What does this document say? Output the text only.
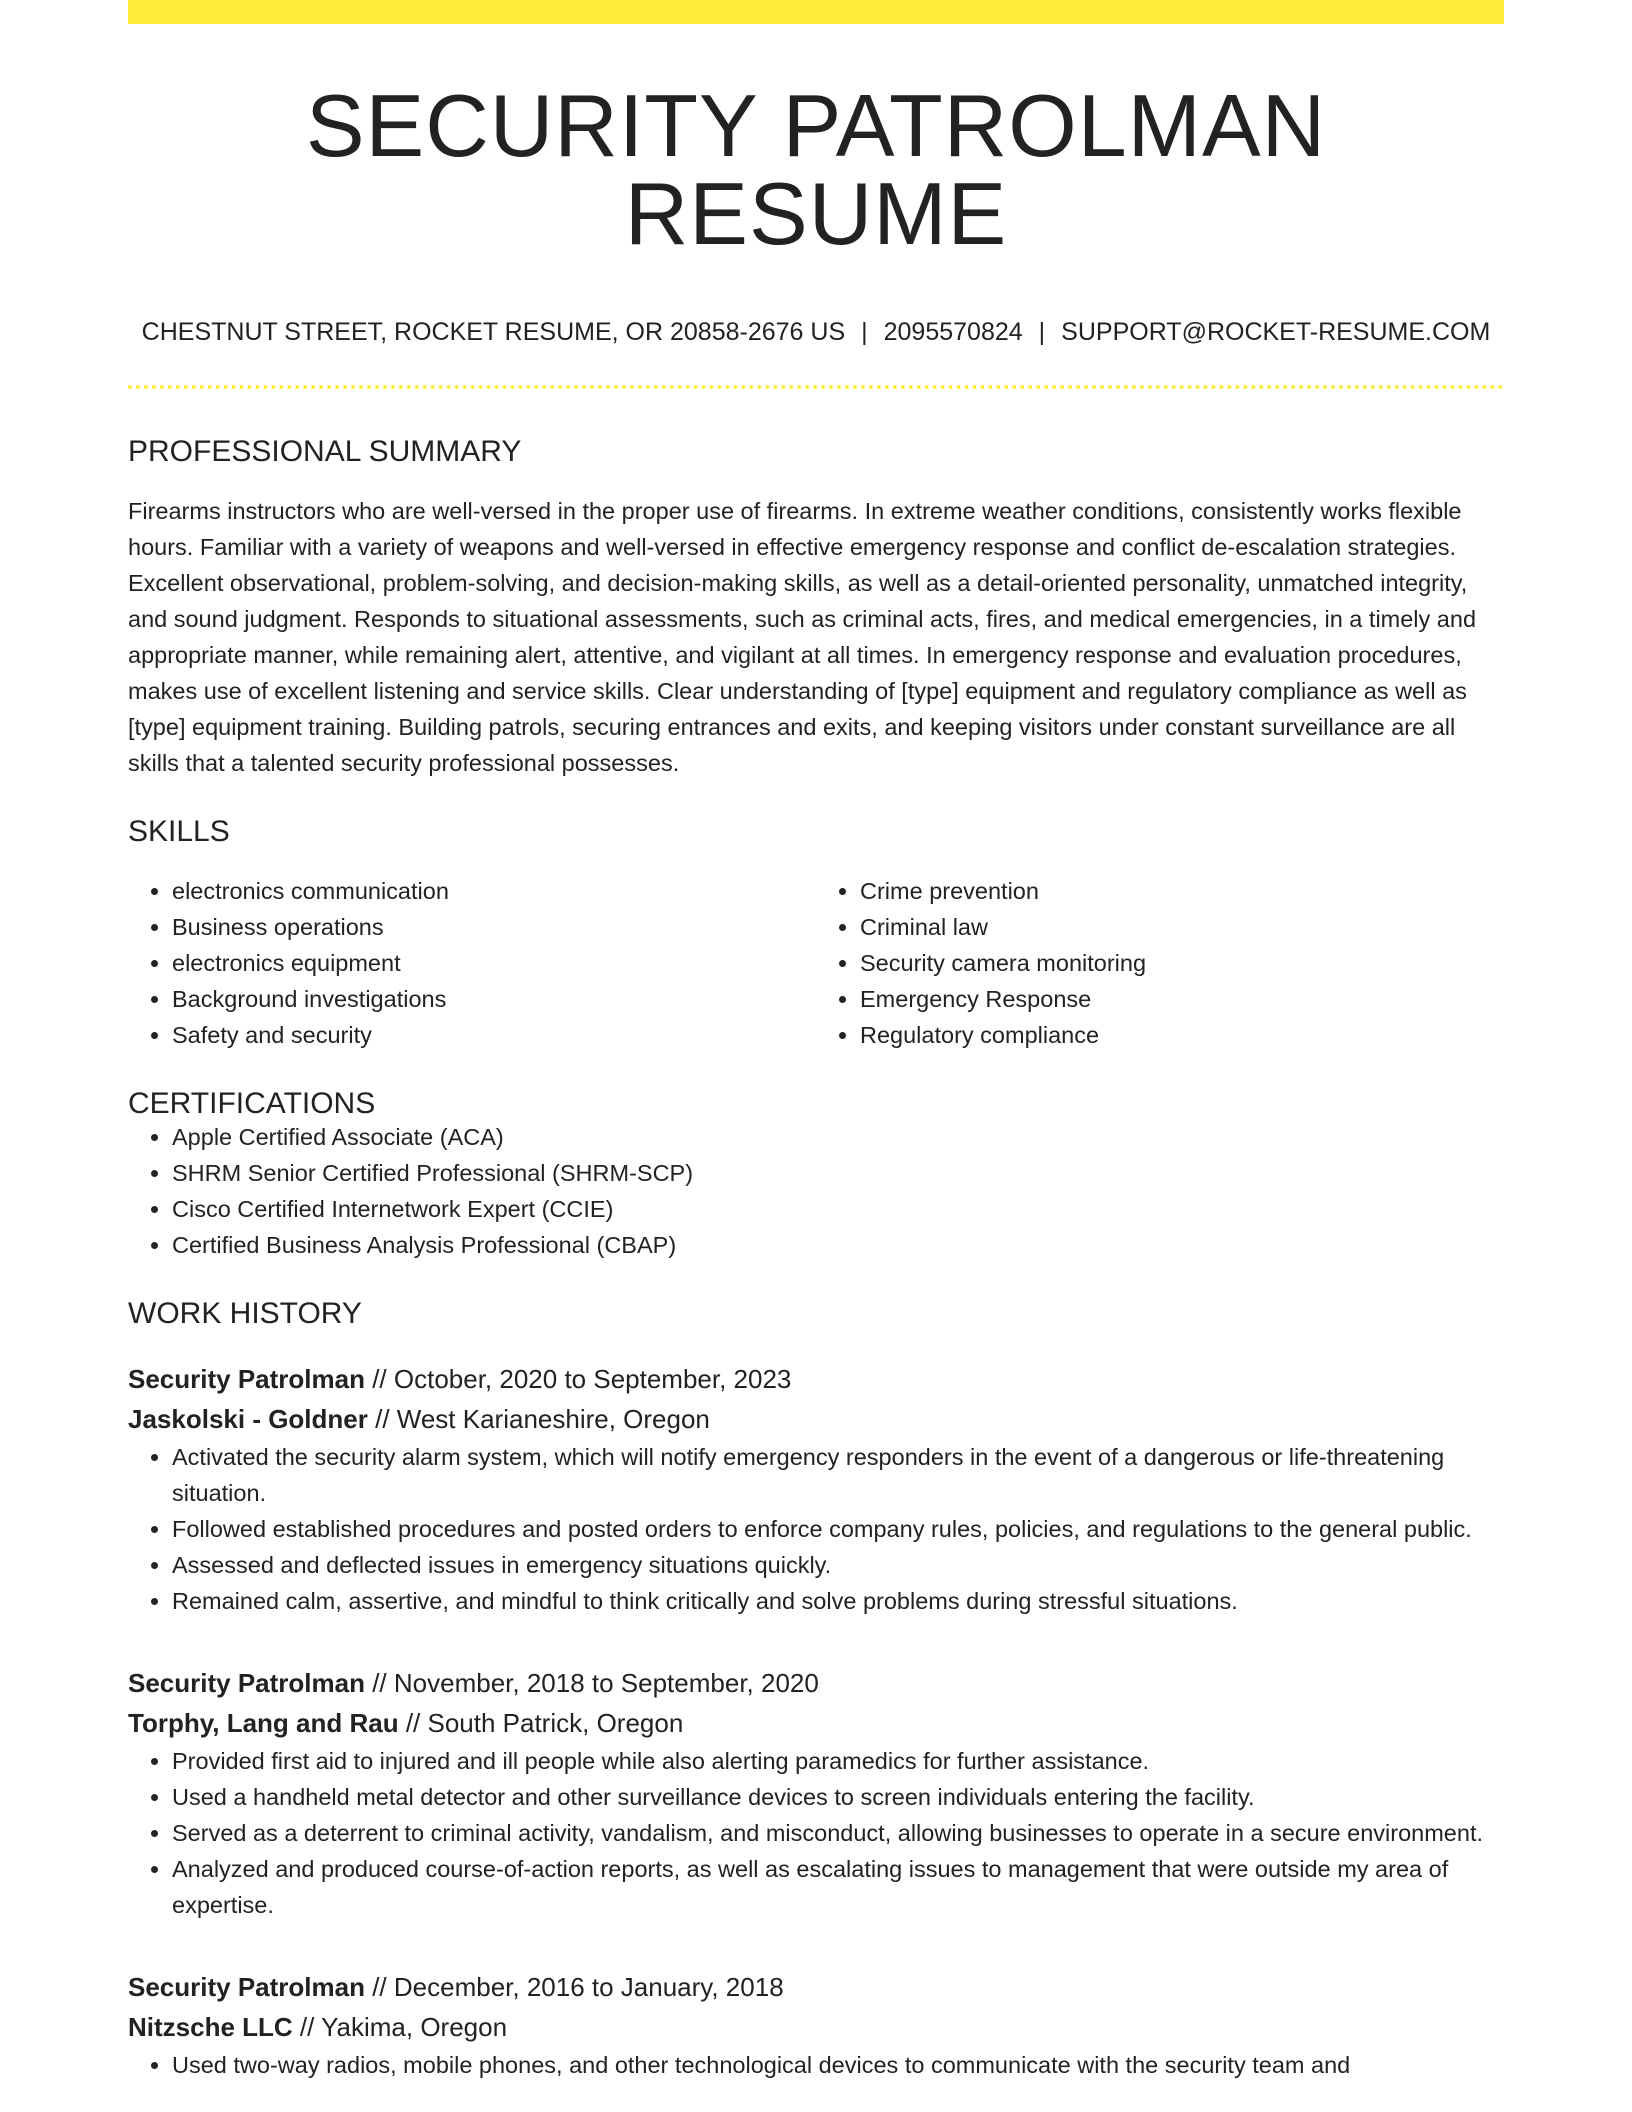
SECURITY PATROLMAN RESUME
CHESTNUT STREET, ROCKET RESUME, OR 20858-2676 US | 2095570824 | SUPPORT@ROCKET-RESUME.COM
PROFESSIONAL SUMMARY

Firearms instructors who are well-versed in the proper use of firearms. In extreme weather conditions, consistently works flexible hours. Familiar with a variety of weapons and well-versed in effective emergency response and conflict de-escalation strategies. Excellent observational, problem-solving, and decision-making skills, as well as a detail-oriented personality, unmatched integrity, and sound judgment. Responds to situational assessments, such as criminal acts, fires, and medical emergencies, in a timely and appropriate manner, while remaining alert, attentive, and vigilant at all times. In emergency response and evaluation procedures, makes use of excellent listening and service skills. Clear understanding of [type] equipment and regulatory compliance as well as [type] equipment training. Building patrols, securing entrances and exits, and keeping visitors under constant surveillance are all skills that a talented security professional possesses.

SKILLS
• electronics communication
• Business operations
• electronics equipment
• Background investigations
• Safety and security
• Crime prevention
• Criminal law
• Security camera monitoring
• Emergency Response
• Regulatory compliance
CERTIFICATIONS
• Apple Certified Associate (ACA)
• SHRM Senior Certified Professional (SHRM-SCP)
• Cisco Certified Internetwork Expert (CCIE)
• Certified Business Analysis Professional (CBAP)
WORK HISTORY
Security Patrolman // October, 2020 to September, 2023
Jaskolski - Goldner // West Karianeshire, Oregon
• Activated the security alarm system, which will notify emergency responders in the event of a dangerous or life-threatening situation.
• Followed established procedures and posted orders to enforce company rules, policies, and regulations to the general public.
• Assessed and deflected issues in emergency situations quickly.
• Remained calm, assertive, and mindful to think critically and solve problems during stressful situations.
Security Patrolman // November, 2018 to September, 2020
Torphy, Lang and Rau // South Patrick, Oregon
• Provided first aid to injured and ill people while also alerting paramedics for further assistance.
• Used a handheld metal detector and other surveillance devices to screen individuals entering the facility.
• Served as a deterrent to criminal activity, vandalism, and misconduct, allowing businesses to operate in a secure environment.
• Analyzed and produced course-of-action reports, as well as escalating issues to management that were outside my area of expertise.
Security Patrolman // December, 2016 to January, 2018
Nitzsche LLC // Yakima, Oregon
• Used two-way radios, mobile phones, and other technological devices to communicate with the security team and
